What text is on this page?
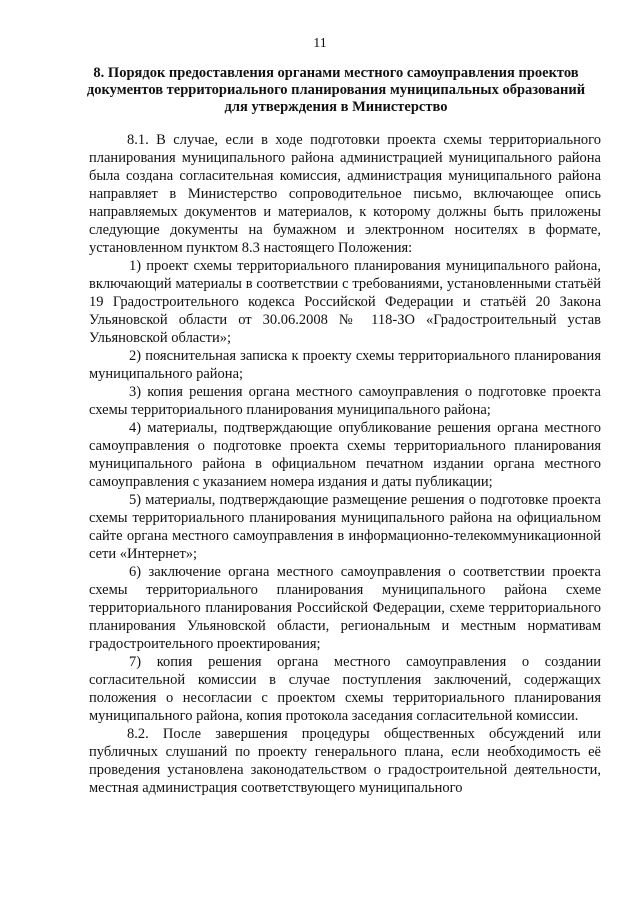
11
8. Порядок предоставления органами местного самоуправления проектов документов территориального планирования муниципальных образований для утверждения в Министерство

8.1. В случае, если в ходе подготовки проекта схемы территориального планирования муниципального района администрацией муниципального района была создана согласительная комиссия, администрация муниципального района направляет в Министерство сопроводительное письмо, включающее опись направляемых документов и материалов, к которому должны быть приложены следующие документы на бумажном и электронном носителях в формате, установленном пунктом 8.3 настоящего Положения:

1) проект схемы территориального планирования муниципального района, включающий материалы в соответствии с требованиями, установленными статьёй 19 Градостроительного кодекса Российской Федерации и статьёй 20 Закона Ульяновской области от 30.06.2008 № 118-ЗО «Градостроительный устав Ульяновской области»;

2) пояснительная записка к проекту схемы территориального планирования муниципального района;

3) копия решения органа местного самоуправления о подготовке проекта схемы территориального планирования муниципального района;

4) материалы, подтверждающие опубликование решения органа местного самоуправления о подготовке проекта схемы территориального планирования муниципального района в официальном печатном издании органа местного самоуправления с указанием номера издания и даты публикации;

5) материалы, подтверждающие размещение решения о подготовке проекта схемы территориального планирования муниципального района на официальном сайте органа местного самоуправления в информационно-телекоммуникационной сети «Интернет»;

6) заключение органа местного самоуправления о соответствии проекта схемы территориального планирования муниципального района схеме территориального планирования Российской Федерации, схеме территориального планирования Ульяновской области, региональным и местным нормативам градостроительного проектирования;

7) копия решения органа местного самоуправления о создании согласительной комиссии в случае поступления заключений, содержащих положения о несогласии с проектом схемы территориального планирования муниципального района, копия протокола заседания согласительной комиссии.

8.2. После завершения процедуры общественных обсуждений или публичных слушаний по проекту генерального плана, если необходимость её проведения установлена законодательством о градостроительной деятельности, местная администрация соответствующего муниципального
